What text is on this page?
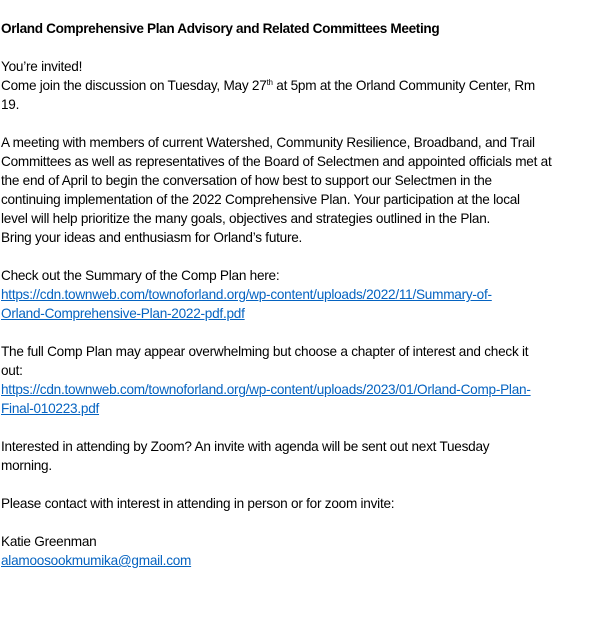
Orland Comprehensive Plan Advisory and Related Committees Meeting
You’re invited!
Come join the discussion on Tuesday, May 27th at 5pm at the Orland Community Center, Rm
19.
A meeting with members of current Watershed, Community Resilience, Broadband, and Trail
Committees as well as representatives of the Board of Selectmen and appointed officials met at
the end of April to begin the conversation of how best to support our Selectmen in the
continuing implementation of the 2022 Comprehensive Plan. Your participation at the local
level will help prioritize the many goals, objectives and strategies outlined in the Plan.
Bring your ideas and enthusiasm for Orland’s future.
Check out the Summary of the Comp Plan here:
https://cdn.townweb.com/townoforland.org/wp-content/uploads/2022/11/Summary-of-
Orland-Comprehensive-Plan-2022-pdf.pdf
The full Comp Plan may appear overwhelming but choose a chapter of interest and check it
out:
https://cdn.townweb.com/townoforland.org/wp-content/uploads/2023/01/Orland-Comp-Plan-
Final-010223.pdf
Interested in attending by Zoom? An invite with agenda will be sent out next Tuesday
morning.
Please contact with interest in attending in person or for zoom invite:
Katie Greenman
alamoosookmumika@gmail.com
